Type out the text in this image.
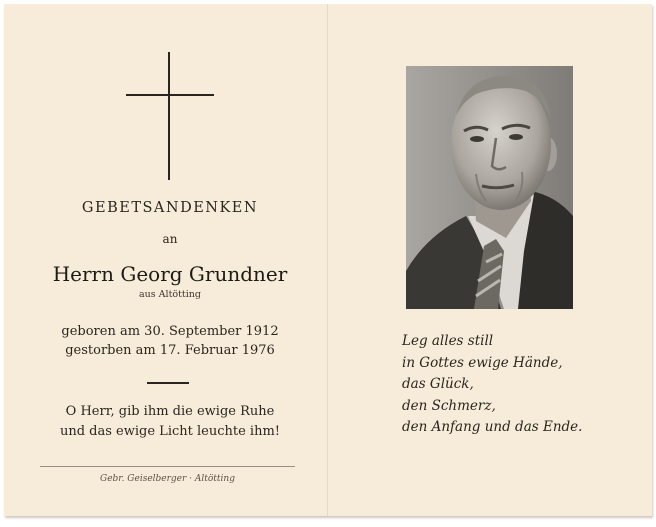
GEBETSANDENKEN
an
Herrn Georg Grundner
aus Altötting
geboren am 30. September 1912
gestorben am 17. Februar 1976
O Herr, gib ihm die ewige Ruhe
und das ewige Licht leuchte ihm!
Gebr. Geiselberger · Altötting
Leg alles still
in Gottes ewige Hände,
das Glück,
den Schmerz,
den Anfang und das Ende.
